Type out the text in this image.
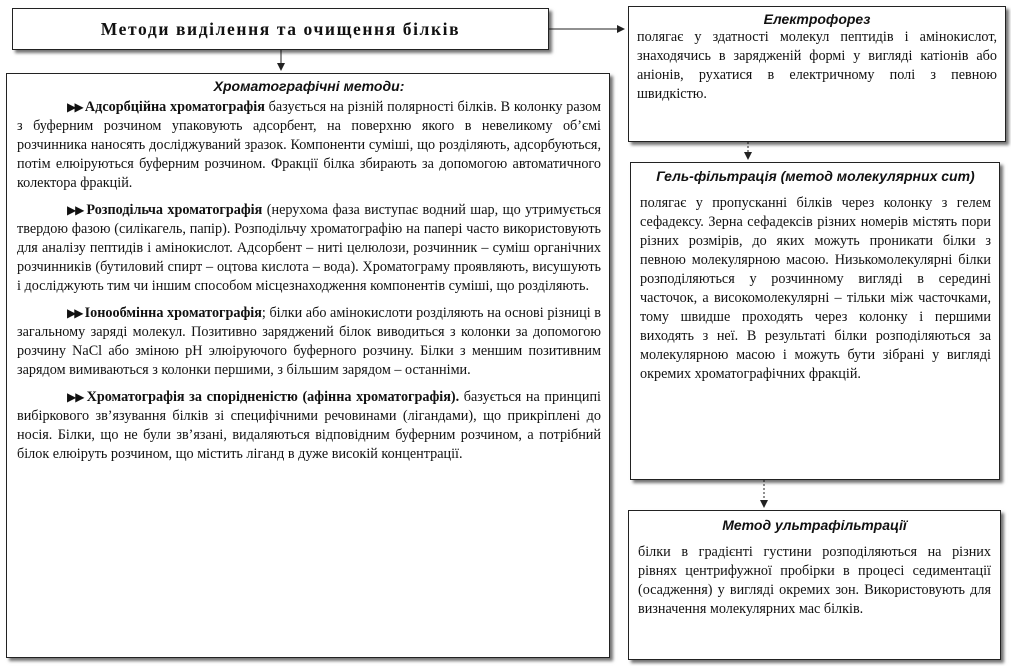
Методи виділення та очищення білків
Хроматографічні методи:

▶▶ Адсорбційна хроматографія базується на різній полярності білків. В колонку разом з буферним розчином упаковують адсорбент, на поверхню якого в невеликому об’ємі розчинника наносять досліджуваний зразок. Компоненти суміші, що розділяють, адсорбуються, потім елюіруються буферним розчином. Фракції білка збирають за допомогою автоматичного колектора фракцій.

▶▶ Розподільча хроматографія (нерухома фаза виступає водний шар, що утримується твердою фазою (силікагель, папір). Розподільчу хроматографію на папері часто використовують для аналізу пептидів і амінокислот. Адсорбент – ниті целюлози, розчинник – суміш органічних розчинників (бутиловий спирт – оцтова кислота – вода). Хроматограму проявляють, висушують і досліджують тим чи іншим способом місцезнаходження компонентів суміші, що розділяють.

▶▶ Іонообмінна хроматографія; білки або амінокислоти розділяють на основі різниці в загальному заряді молекул. Позитивно заряджений білок виводиться з колонки за допомогою розчину NaCl або зміною pH элюіруючого буферного розчину. Білки з меншим позитивним зарядом вимиваються з колонки першими, з більшим зарядом – останніми.

▶▶ Хроматографія за спорідненістю (афінна хроматографія). базується на принципі вибіркового зв’язування білків зі специфічними речовинами (лігандами), що прикріплені до носія. Білки, що не були зв’язані, видаляються відповідним буферним розчином, а потрібний білок елюіруть розчином, що містить ліганд в дуже високій концентрації.

Електрофорез

полягає у здатності молекул пептидів і амінокислот, знаходячись в зарядженій формі у вигляді катіонів або аніонів, рухатися в електричному полі з певною швидкістю.

Гель-фільтрація (метод молекулярних сит)

полягає у пропусканні білків через колонку з гелем сефадексу. Зерна сефадексів різних номерів містять пори різних розмірів, до яких можуть проникати білки з певною молекулярною масою. Низькомолекулярні білки розподіляються у розчинному вигляді в середині часточок, а високомолекулярні – тільки між часточками, тому швидше проходять через колонку і першими виходять з неї. В результаті білки розподіляються за молекулярною масою і можуть бути зібрані у вигляді окремих хроматографічних фракцій.

Метод ультрафільтрації

білки в градієнті густини розподіляються на різних рівнях центрифужної пробірки в процесі седиментації (осадження) у вигляді окремих зон. Використовують для визначення молекулярних мас білків.
